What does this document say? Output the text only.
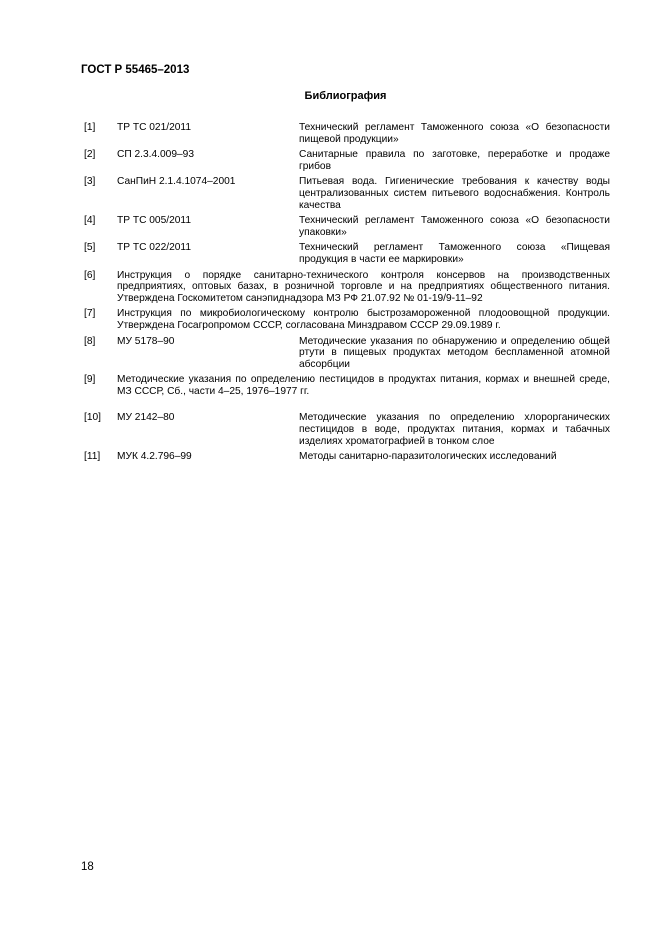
ГОСТ Р 55465–2013

Библиография

[1] ТР ТС 021/2011	Технический регламент Таможенного союза «О безопасности пищевой продукции»
[2] СП 2.3.4.009–93	Санитарные правила по заготовке, переработке и продаже грибов
[3] СанПиН 2.1.4.1074–2001	Питьевая вода. Гигиенические требования к качеству воды централизованных систем питьевого водоснабжения. Контроль качества
[4] ТР ТС 005/2011	Технический регламент Таможенного союза «О безопасности упаковки»
[5] ТР ТС 022/2011	Технический регламент Таможенного союза «Пищевая продукция в части ее маркировки»
[6] Инструкция о порядке санитарно-технического контроля консервов на производственных предприятиях, оптовых базах, в розничной торговле и на предприятиях общественного питания. Утверждена Госкомитетом санэпиднадзора МЗ РФ 21.07.92 № 01-19/9-11–92
[7] Инструкция по микробиологическому контролю быстрозамороженной плодоовощной продукции. Утверждена Госагропромом СССР, согласована Минздравом СССР 29.09.1989 г.
[8] МУ 5178–90	Методические указания по обнаружению и определению общей ртути в пищевых продуктах методом беспламенной атомной абсорбции
[9] Методические указания по определению пестицидов в продуктах питания, кормах и внешней среде, МЗ СССР, Сб., части 4–25, 1976–1977 гг.
[10] МУ 2142–80	Методические указания по определению хлорорганических пестицидов в воде, продуктах питания, кормах и табачных изделиях хроматографией в тонком слое
[11] МУК 4.2.796–99	Методы санитарно-паразитологических исследований

18
